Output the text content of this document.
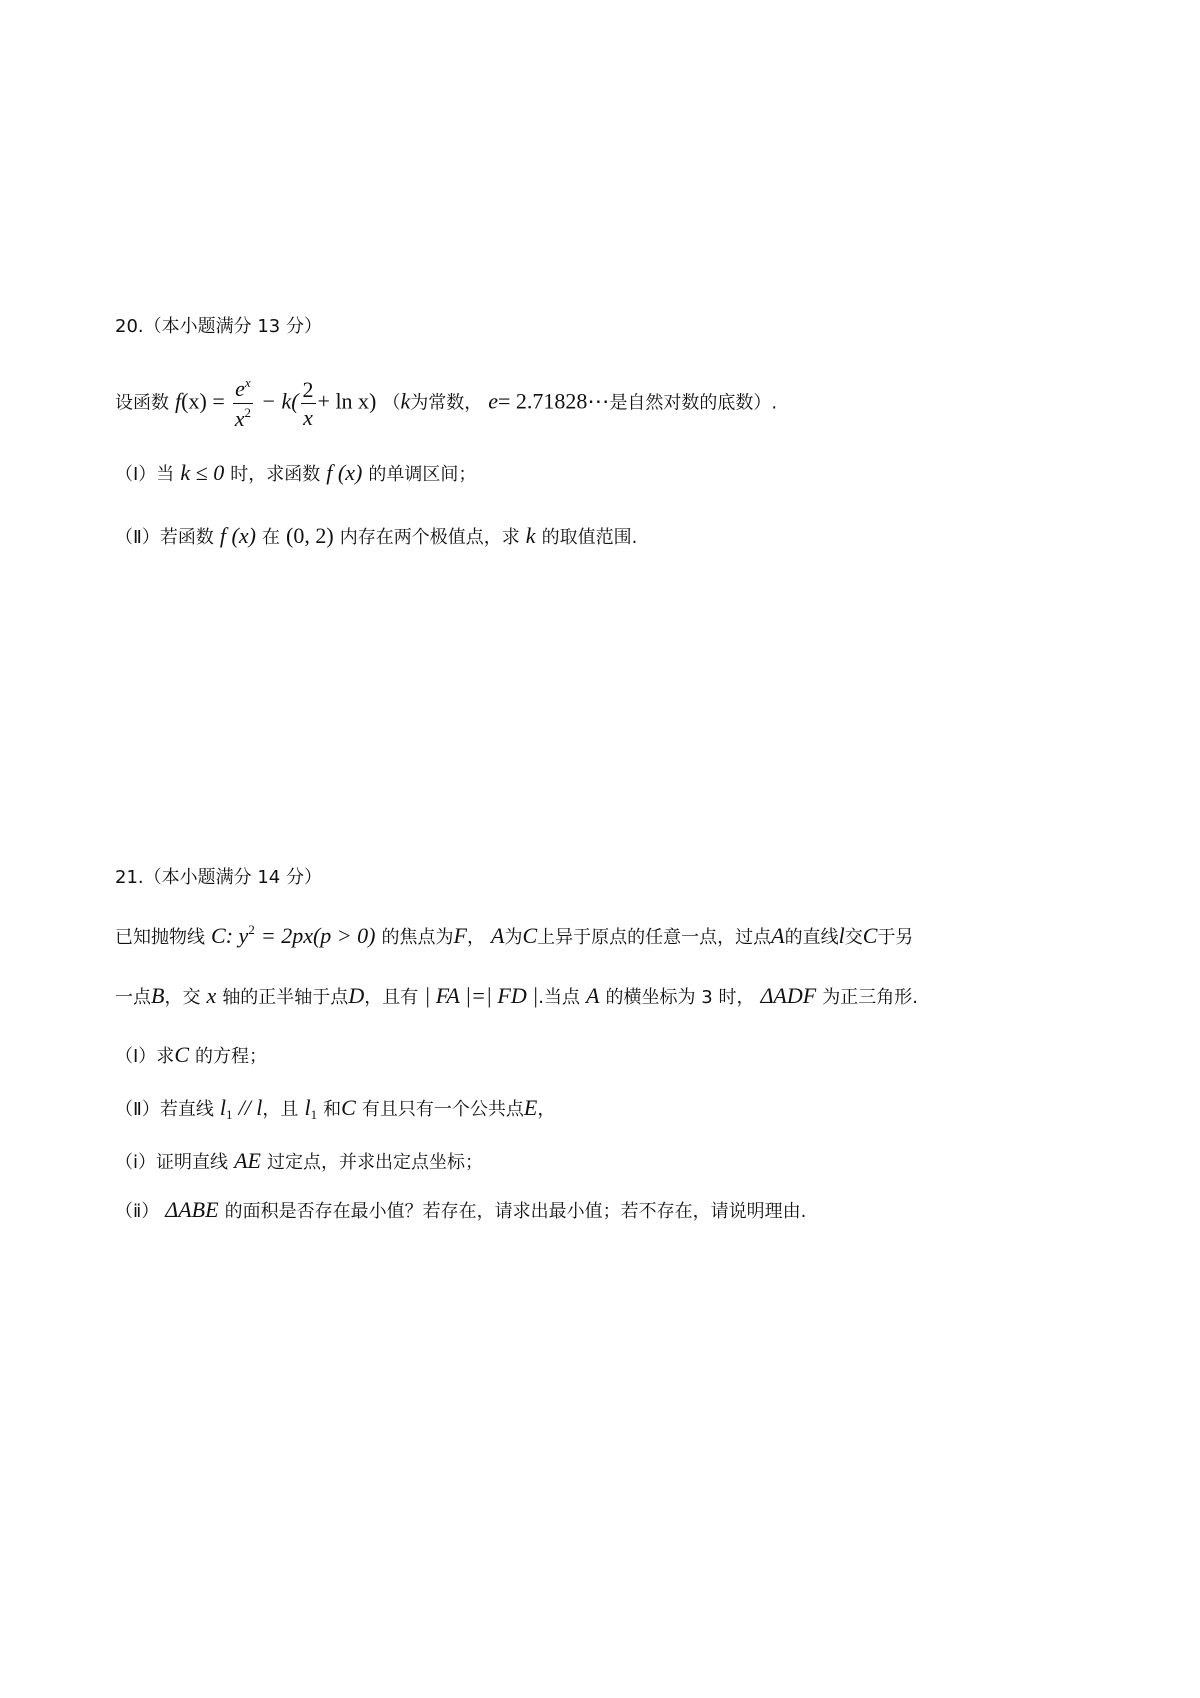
20.（本小题满分 13 分）
设函数 $f(x) = \frac{e^x}{x^2} - k( \frac{2}{x} + \ln x)$ （k为常数， e= 2.71828⋯是自然对数的底数）.
（Ⅰ）当 k ≤ 0 时，求函数 f (x) 的单调区间；
（Ⅱ）若函数 f (x) 在 (0, 2) 内存在两个极值点，求 k 的取值范围.
21.（本小题满分 14 分）
已知抛物线 C: $y^2 = 2px(p > 0)$ 的焦点为F， A为C上异于原点的任意一点，过点A的直线l交C于另
一点B，交 x 轴的正半轴于点D，且有 | FA |=| FD |.当点 A 的横坐标为 3 时， ΔADF 为正三角形.
（Ⅰ）求C 的方程；
（Ⅱ）若直线 $l_1$ // l，且 $l_1$ 和C 有且只有一个公共点E，
（ⅰ）证明直线 AE 过定点，并求出定点坐标；
（ⅱ） ΔABE 的面积是否存在最小值？若存在，请求出最小值；若不存在，请说明理由.
